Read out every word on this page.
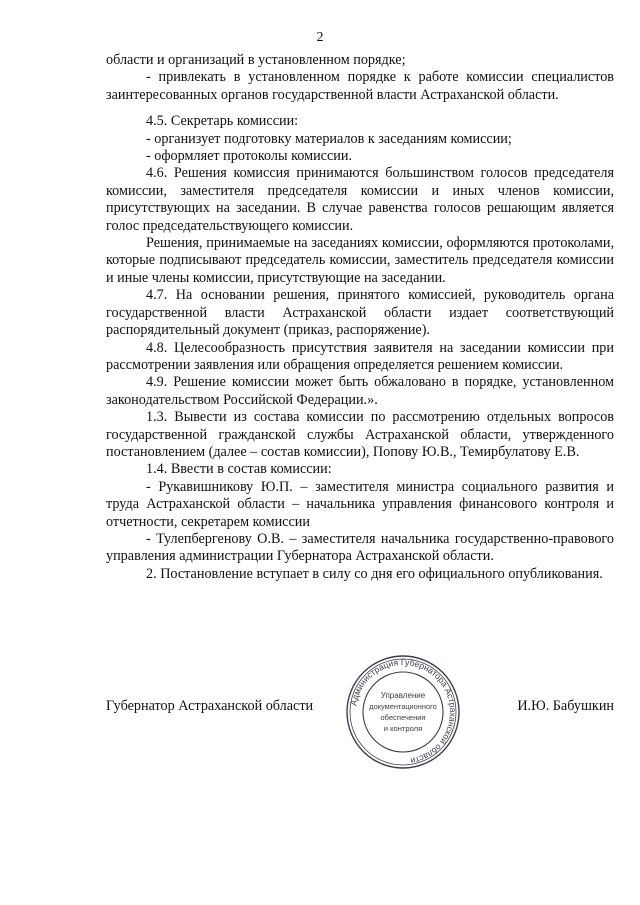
2

области и организаций в установленном порядке;

- привлекать в установленном порядке к работе комиссии специалистов заинтересованных органов государственной власти Астраханской области.

4.5. Секретарь комиссии:

- организует подготовку материалов к заседаниям комиссии;

- оформляет протоколы комиссии.

4.6. Решения комиссия принимаются большинством голосов председателя комиссии, заместителя председателя комиссии и иных членов комиссии, присутствующих на заседании. В случае равенства голосов решающим является голос председательствующего комиссии.

Решения, принимаемые на заседаниях комиссии, оформляются протоколами, которые подписывают председатель комиссии, заместитель председателя комиссии и иные члены комиссии, присутствующие на заседании.

4.7. На основании решения, принятого комиссией, руководитель органа государственной власти Астраханской области издает соответствующий распорядительный документ (приказ, распоряжение).

4.8. Целесообразность присутствия заявителя на заседании комиссии при рассмотрении заявления или обращения определяется решением комиссии.

4.9. Решение комиссии может быть обжаловано в порядке, установленном законодательством Российской Федерации.».

1.3. Вывести из состава комиссии по рассмотрению отдельных вопросов государственной гражданской службы Астраханской области, утвержденного постановлением (далее – состав комиссии), Попову Ю.В., Темирбулатову Е.В.

1.4. Ввести в состав комиссии:

- Рукавишникову Ю.П. – заместителя министра социального развития и труда Астраханской области – начальника управления финансового контроля и отчетности, секретарем комиссии

- Тулепбергенову О.В. – заместителя начальника государственно-правового управления администрации Губернатора Астраханской области.

2. Постановление вступает в силу со дня его официального опубликования.

Губернатор Астраханской области	Администрация Губернатора Астраханской области
Управление
документационного
обеспечения
и контроля
И.Ю. Бабушкин
